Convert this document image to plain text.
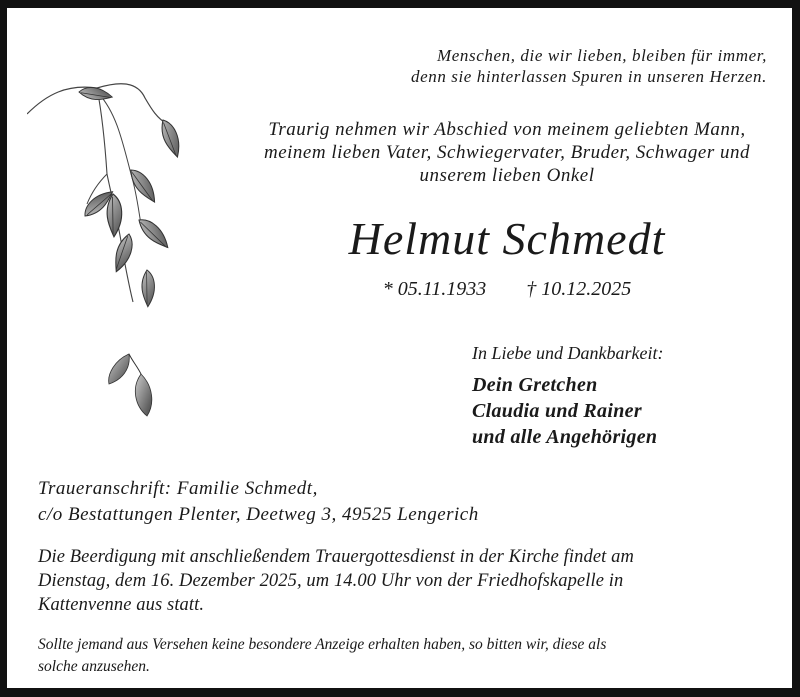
Menschen, die wir lieben, bleiben für immer,
denn sie hinterlassen Spuren in unseren Herzen.

Traurig nehmen wir Abschied von meinem geliebten Mann,
meinem lieben Vater, Schwiegervater, Bruder, Schwager und
unserem lieben Onkel

Helmut Schmedt

* 05.11.1933 † 10.12.2025

In Liebe und Dankbarkeit:

Dein Gretchen
Claudia und Rainer
und alle Angehörigen

Traueranschrift: Familie Schmedt,
c/o Bestattungen Plenter, Deetweg 3, 49525 Lengerich

Die Beerdigung mit anschließendem Trauergottesdienst in der Kirche findet am
Dienstag, dem 16. Dezember 2025, um 14.00 Uhr von der Friedhofskapelle in
Kattenvenne aus statt.

Sollte jemand aus Versehen keine besondere Anzeige erhalten haben, so bitten wir, diese als
solche anzusehen.
